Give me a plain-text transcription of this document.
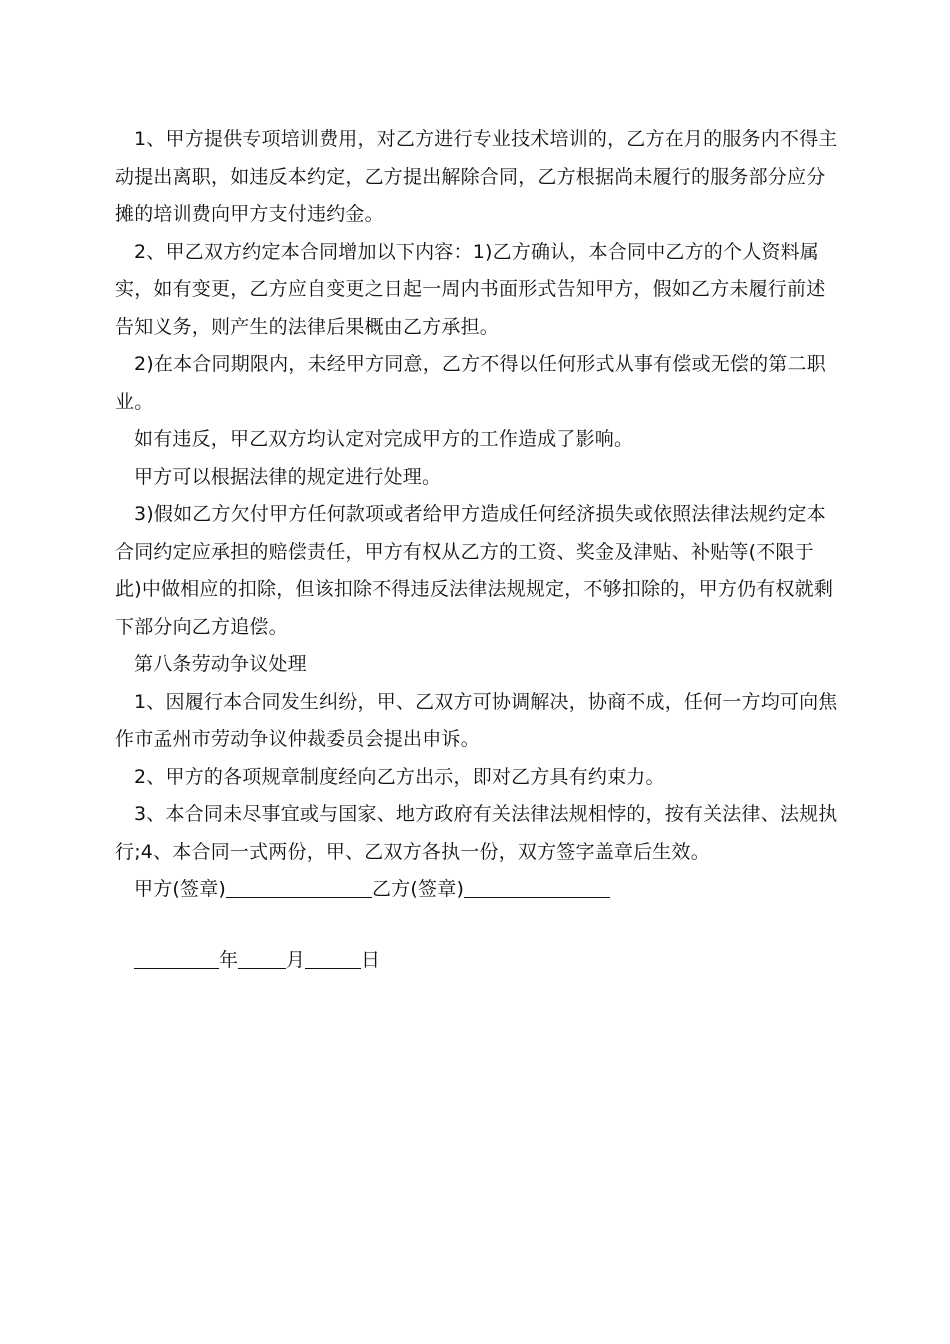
1、甲方提供专项培训费用，对乙方进行专业技术培训的，乙方在月的服务内不得主动提出离职，如违反本约定，乙方提出解除合同，乙方根据尚未履行的服务部分应分摊的培训费向甲方支付违约金。

2、甲乙双方约定本合同增加以下内容：1)乙方确认，本合同中乙方的个人资料属实，如有变更，乙方应自变更之日起一周内书面形式告知甲方，假如乙方未履行前述告知义务，则产生的法律后果概由乙方承担。

2)在本合同期限内，未经甲方同意，乙方不得以任何形式从事有偿或无偿的第二职业。

如有违反，甲乙双方均认定对完成甲方的工作造成了影响。

甲方可以根据法律的规定进行处理。

3)假如乙方欠付甲方任何款项或者给甲方造成任何经济损失或依照法律法规约定本合同约定应承担的赔偿责任，甲方有权从乙方的工资、奖金及津贴、补贴等(不限于此)中做相应的扣除，但该扣除不得违反法律法规规定，不够扣除的，甲方仍有权就剩下部分向乙方追偿。

第八条劳动争议处理

1、因履行本合同发生纠纷，甲、乙双方可协调解决，协商不成，任何一方均可向焦作市孟州市劳动争议仲裁委员会提出申诉。

2、甲方的各项规章制度经向乙方出示，即对乙方具有约束力。

3、本合同未尽事宜或与国家、地方政府有关法律法规相悖的，按有关法律、法规执行;4、本合同一式两份，甲、乙双方各执一份，双方签字盖章后生效。

甲方(签章)	乙方(签章)

年	月	日
